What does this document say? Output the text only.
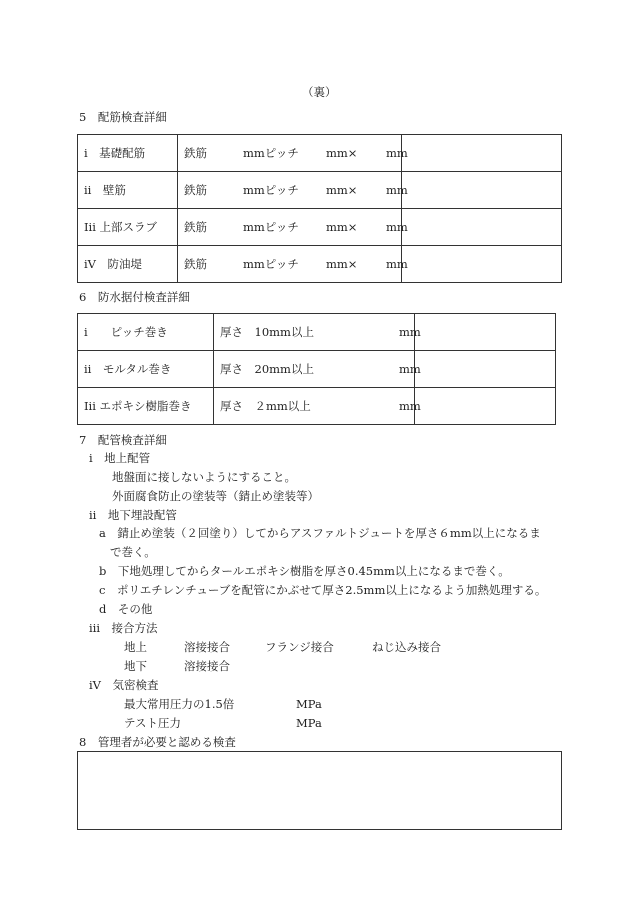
（裏）
5　配筋検査詳細
ⅰ　基礎配筋	鉄筋 mmピッチ mm× mm	

ⅱ　壁筋	鉄筋 mmピッチ mm× mm	

Ⅰii 上部スラブ	鉄筋 mmピッチ mm× mm	

ⅰV　防油堤	鉄筋 mmピッチ mm× mm	

6　防水据付検査詳細
ⅰ　　ピッチ巻き	厚さ　10mm以上 mm	

ⅱ　モルタル巻き	厚さ　20mm以上 mm	

Ⅰii エポキシ樹脂巻き	厚さ　２mm以上 mm	

7　配管検査詳細
ⅰ　地上配管
地盤面に接しないようにすること。
外面腐食防止の塗装等（錆止め塗装等）
ⅱ　地下埋設配管
a　錆止め塗装（２回塗り）してからアスファルトジュートを厚さ６mm以上になるま
で巻く。
b　下地処理してからタールエポキシ樹脂を厚さ0.45mm以上になるまで巻く。
c　ポリエチレンチューブを配管にかぶせて厚さ2.5mm以上になるよう加熱処理する。
d　その他
ⅲ　接合方法
地上	溶接接合	フランジ接合	ねじ込み接合
地下	溶接接合
ⅰV　気密検査
最大常用圧力の1.5倍	MPa
テスト圧力	MPa
8　管理者が必要と認める検査
